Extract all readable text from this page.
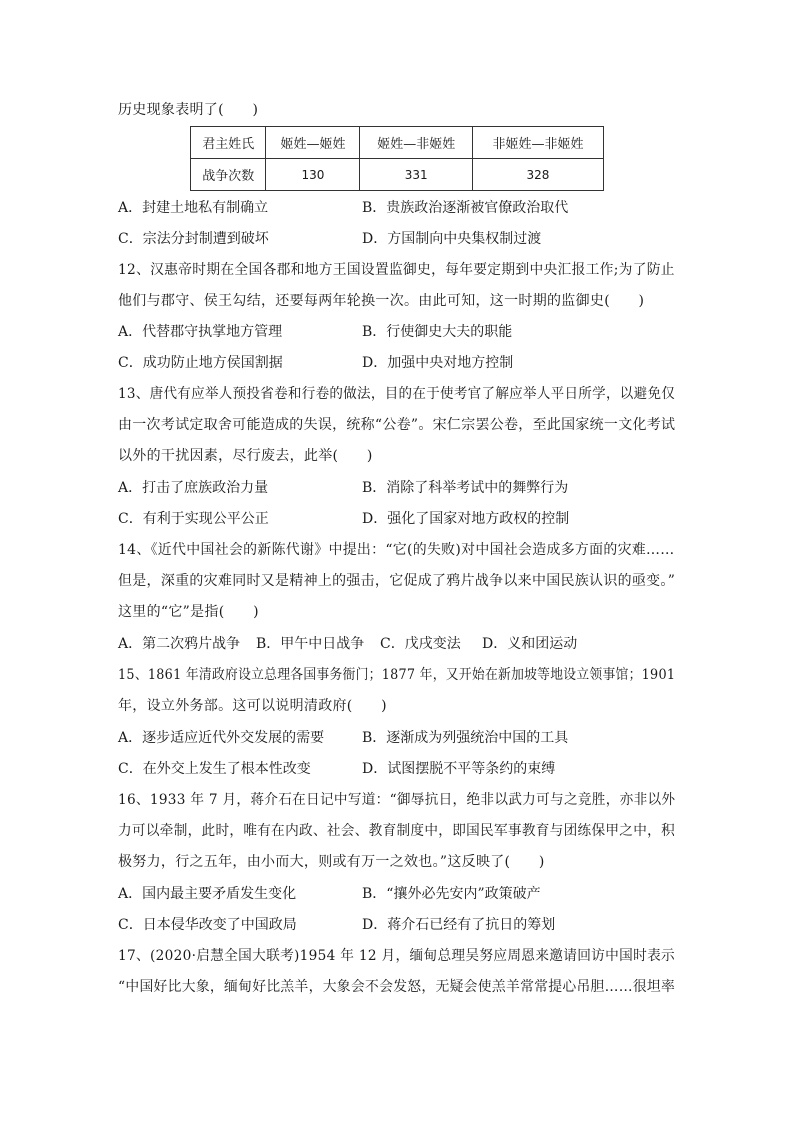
历史现象表明了(　　)
君主姓氏	姬姓—姬姓	姬姓—非姬姓	非姬姓—非姬姓
战争次数	130	331	328
A．封建土地私有制确立	B．贵族政治逐渐被官僚政治取代
C．宗法分封制遭到破坏	D．方国制向中央集权制过渡
12、汉惠帝时期在全国各郡和地方王国设置监御史，每年要定期到中央汇报工作;为了防止
他们与郡守、侯王勾结，还要每两年轮换一次。由此可知，这一时期的监御史(　　)
A．代替郡守执掌地方管理	B．行使御史大夫的职能
C．成功防止地方侯国割据	D．加强中央对地方控制
13、唐代有应举人预投省卷和行卷的做法，目的在于使考官了解应举人平日所学，以避免仅
由一次考试定取舍可能造成的失误，统称“公卷”。宋仁宗罢公卷，至此国家统一文化考试
以外的干扰因素，尽行废去，此举(　　)
A．打击了庶族政治力量	B．消除了科举考试中的舞弊行为
C．有利于实现公平公正	D．强化了国家对地方政权的控制
14、《近代中国社会的新陈代谢》中提出：“它(的失败)对中国社会造成多方面的灾难……
但是，深重的灾难同时又是精神上的强击，它促成了鸦片战争以来中国民族认识的亟变。”
这里的“它”是指(　　)
A．第二次鸦片战争 B．甲午中日战争 C．戊戌变法 D．义和团运动
15、1861 年清政府设立总理各国事务衙门；1877 年，又开始在新加坡等地设立领事馆；1901
年，设立外务部。这可以说明清政府(　　)
A．逐步适应近代外交发展的需要	B．逐渐成为列强统治中国的工具
C．在外交上发生了根本性改变	D．试图摆脱不平等条约的束缚
16、1933 年 7 月，蒋介石在日记中写道：“御辱抗日，绝非以武力可与之竞胜，亦非以外
力可以牵制，此时，唯有在内政、社会、教育制度中，即国民军事教育与团练保甲之中，积
极努力，行之五年，由小而大，则或有万一之效也。”这反映了(　　)
A．国内最主要矛盾发生变化	B．“攘外必先安内”政策破产
C．日本侵华改变了中国政局	D．蒋介石已经有了抗日的筹划
17、(2020·启慧全国大联考)1954 年 12 月，缅甸总理吴努应周恩来邀请回访中国时表示
“中国好比大象，缅甸好比羔羊，大象会不会发怒，无疑会使羔羊常常提心吊胆……很坦率
